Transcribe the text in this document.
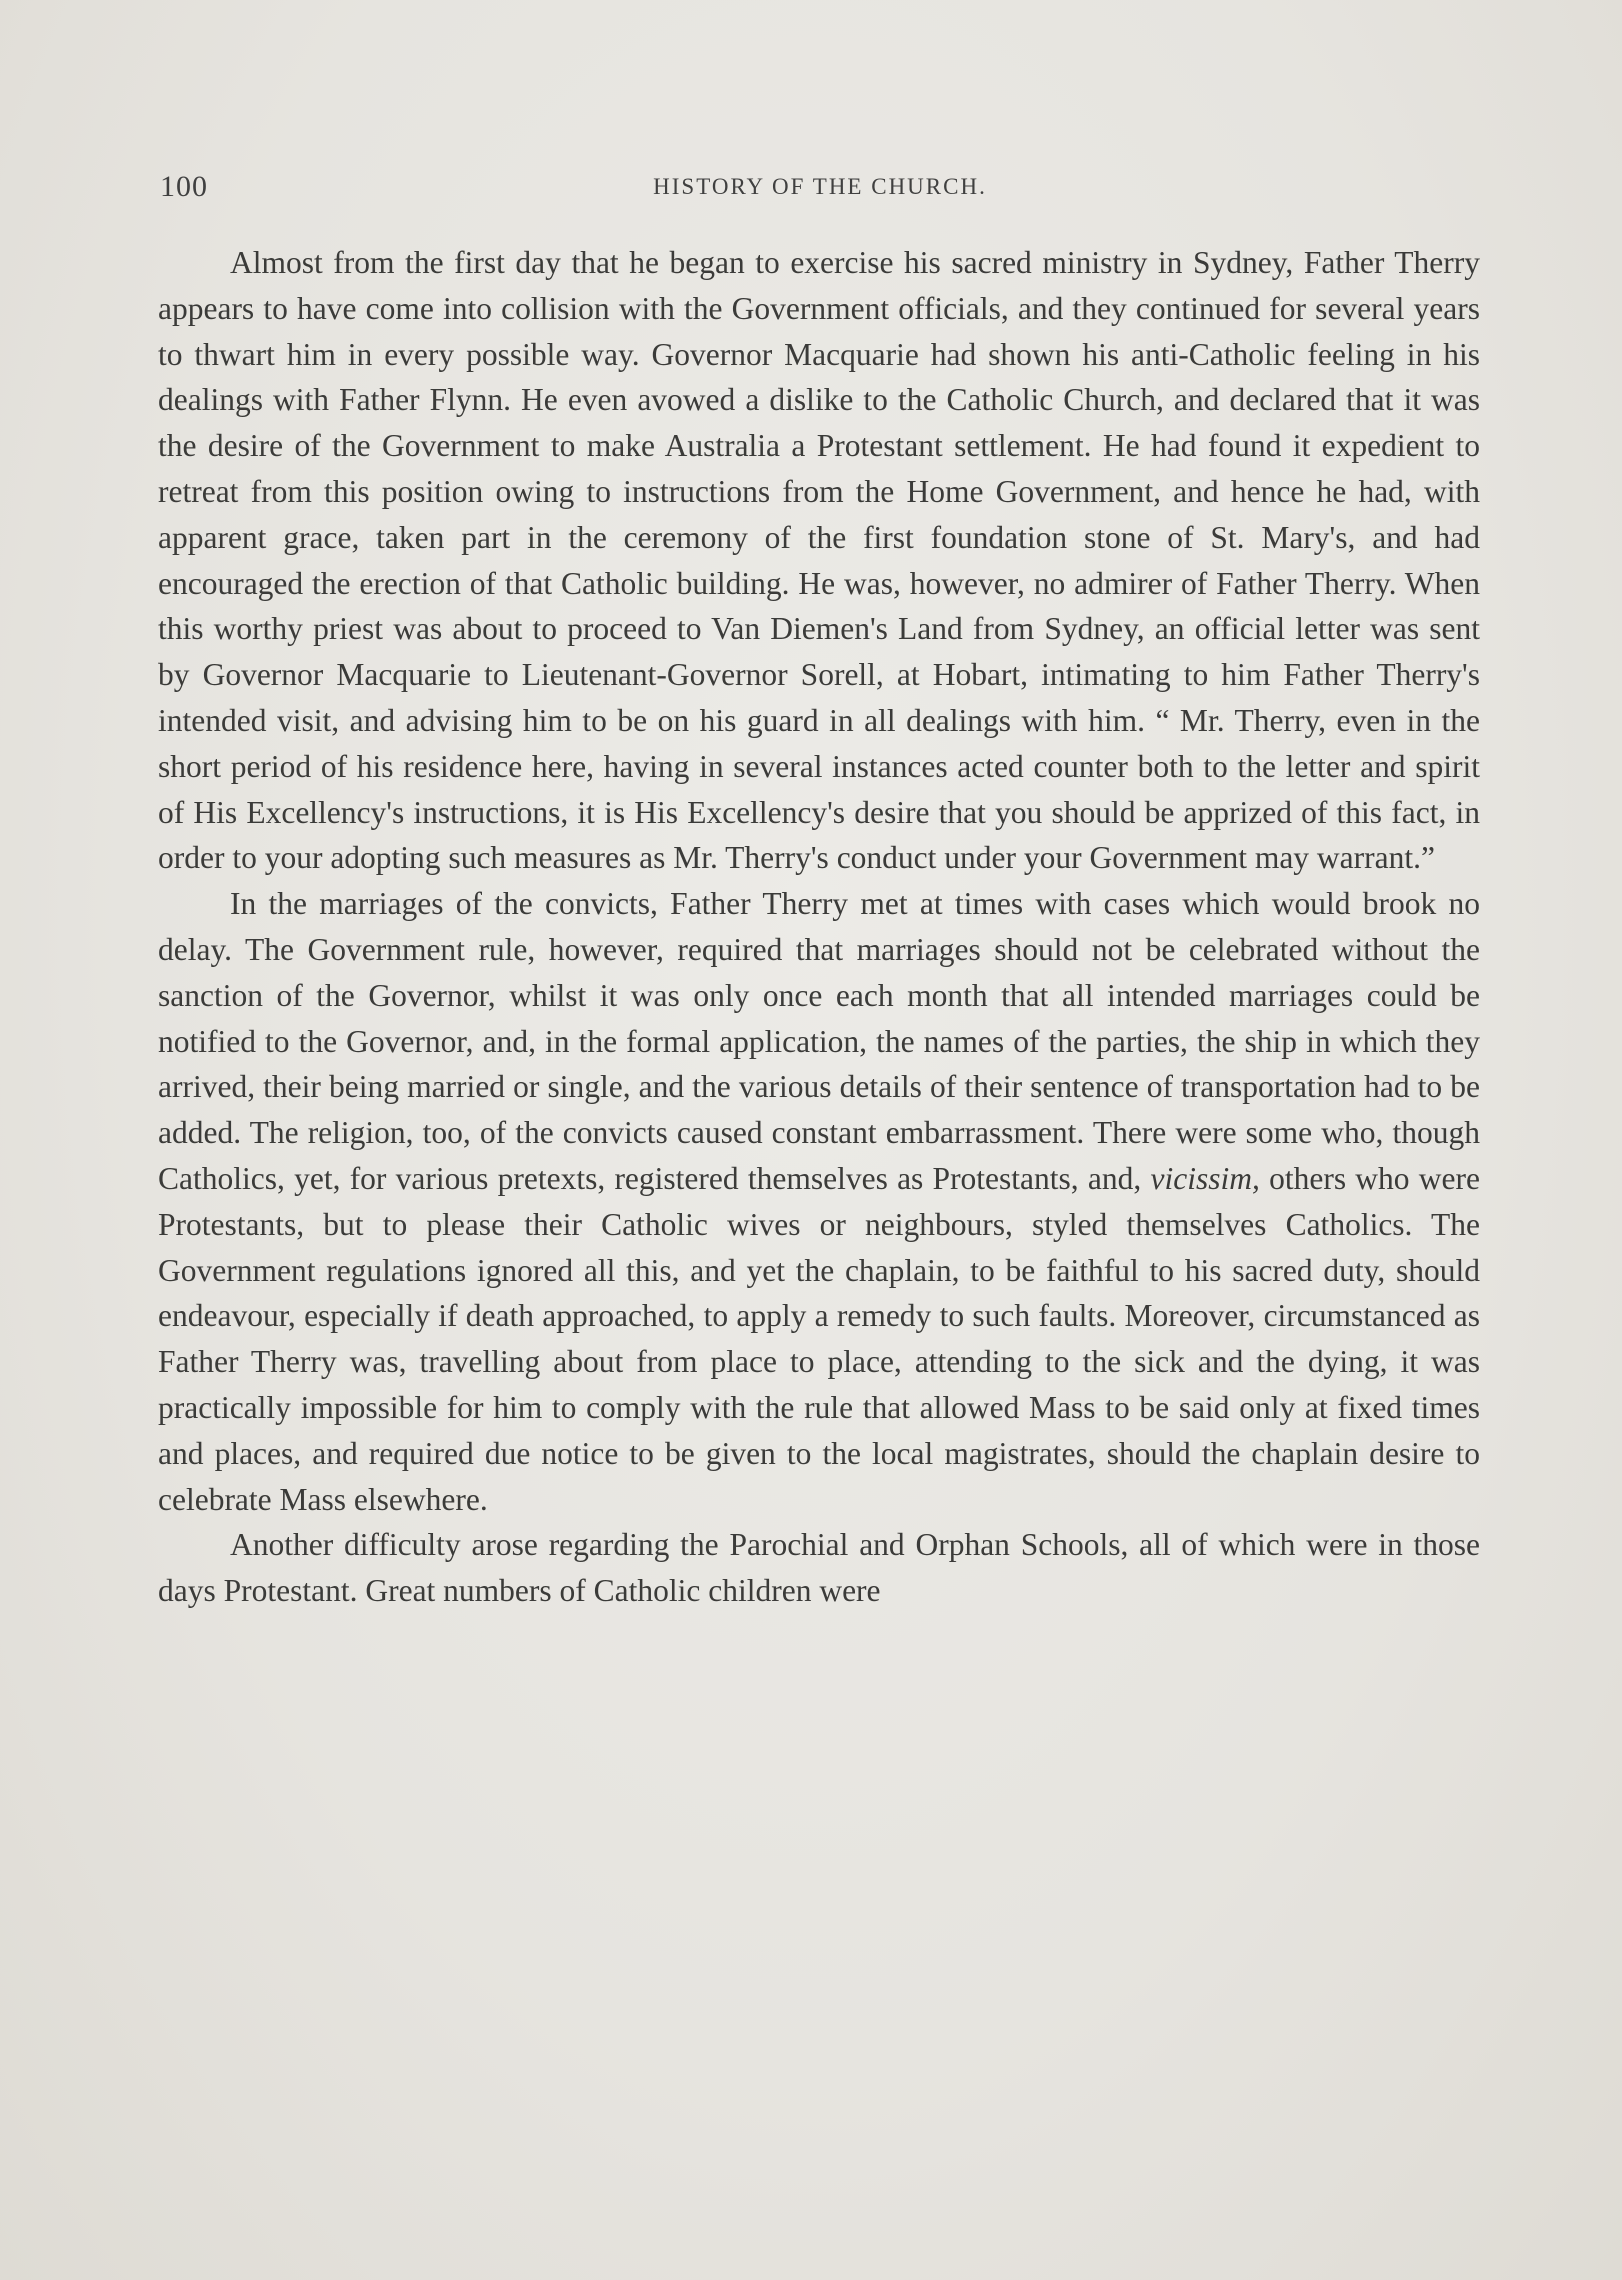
100	HISTORY OF THE CHURCH.

Almost from the first day that he began to exercise his sacred ministry in Sydney, Father Therry appears to have come into collision with the Government officials, and they continued for several years to thwart him in every possible way. Governor Macquarie had shown his anti-Catholic feeling in his dealings with Father Flynn. He even avowed a dislike to the Catholic Church, and declared that it was the desire of the Government to make Australia a Protestant settlement. He had found it expedient to retreat from this position owing to instructions from the Home Government, and hence he had, with apparent grace, taken part in the ceremony of the first foundation stone of St. Mary's, and had encouraged the erection of that Catholic building. He was, however, no admirer of Father Therry. When this worthy priest was about to proceed to Van Diemen's Land from Sydney, an official letter was sent by Governor Macquarie to Lieutenant-Governor Sorell, at Hobart, intimating to him Father Therry's intended visit, and advising him to be on his guard in all dealings with him. “ Mr. Therry, even in the short period of his residence here, having in several instances acted counter both to the letter and spirit of His Excellency's instructions, it is His Excellency's desire that you should be apprized of this fact, in order to your adopting such measures as Mr. Therry's conduct under your Government may warrant.”

In the marriages of the convicts, Father Therry met at times with cases which would brook no delay. The Government rule, however, required that marriages should not be celebrated without the sanction of the Governor, whilst it was only once each month that all intended marriages could be notified to the Governor, and, in the formal application, the names of the parties, the ship in which they arrived, their being married or single, and the various details of their sentence of transportation had to be added. The religion, too, of the convicts caused constant embarrassment. There were some who, though Catholics, yet, for various pretexts, registered themselves as Protestants, and, vicissim, others who were Protestants, but to please their Catholic wives or neighbours, styled themselves Catholics. The Government regulations ignored all this, and yet the chaplain, to be faithful to his sacred duty, should endeavour, especially if death approached, to apply a remedy to such faults. Moreover, circumstanced as Father Therry was, travelling about from place to place, attending to the sick and the dying, it was practically impossible for him to comply with the rule that allowed Mass to be said only at fixed times and places, and required due notice to be given to the local magistrates, should the chaplain desire to celebrate Mass elsewhere.

Another difficulty arose regarding the Parochial and Orphan Schools, all of which were in those days Protestant. Great numbers of Catholic children were
